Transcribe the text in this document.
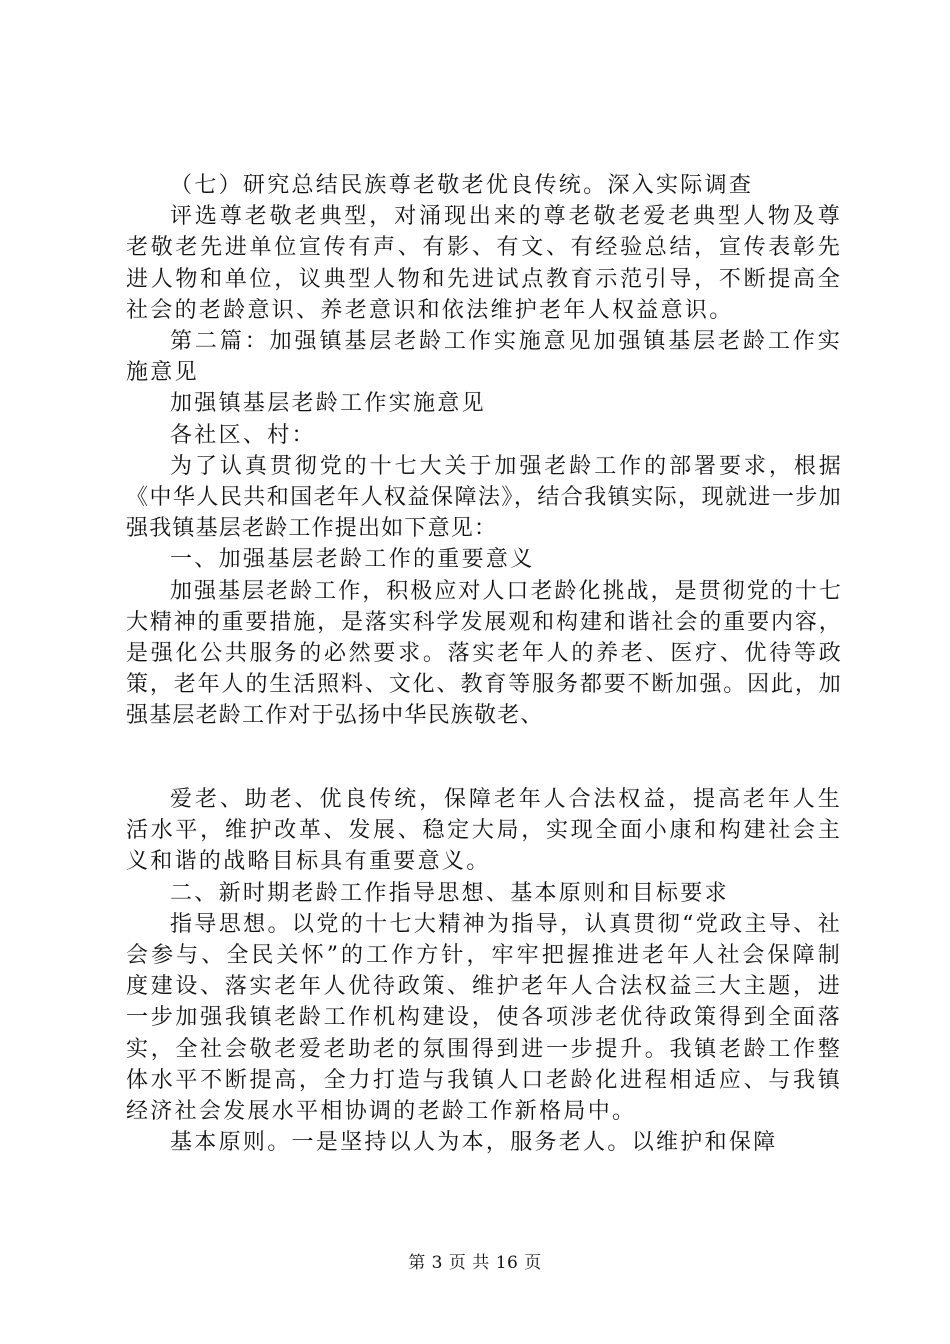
（七）研究总结民族尊老敬老优良传统。深入实际调查

评选尊老敬老典型，对涌现出来的尊老敬老爱老典型人物及尊老敬老先进单位宣传有声、有影、有文、有经验总结，宣传表彰先进人物和单位，议典型人物和先进试点教育示范引导，不断提高全社会的老龄意识、养老意识和依法维护老年人权益意识。

第二篇：加强镇基层老龄工作实施意见加强镇基层老龄工作实施意见

加强镇基层老龄工作实施意见

各社区、村：

为了认真贯彻党的十七大关于加强老龄工作的部署要求，根据《中华人民共和国老年人权益保障法》，结合我镇实际，现就进一步加强我镇基层老龄工作提出如下意见：

一、加强基层老龄工作的重要意义

加强基层老龄工作，积极应对人口老龄化挑战，是贯彻党的十七大精神的重要措施，是落实科学发展观和构建和谐社会的重要内容，是强化公共服务的必然要求。落实老年人的养老、医疗、优待等政策，老年人的生活照料、文化、教育等服务都要不断加强。因此，加强基层老龄工作对于弘扬中华民族敬老、

爱老、助老、优良传统，保障老年人合法权益，提高老年人生活水平，维护改革、发展、稳定大局，实现全面小康和构建社会主义和谐的战略目标具有重要意义。

二、新时期老龄工作指导思想、基本原则和目标要求

指导思想。以党的十七大精神为指导，认真贯彻“党政主导、社会参与、全民关怀”的工作方针，牢牢把握推进老年人社会保障制度建设、落实老年人优待政策、维护老年人合法权益三大主题，进一步加强我镇老龄工作机构建设，使各项涉老优待政策得到全面落实，全社会敬老爱老助老的氛围得到进一步提升。我镇老龄工作整体水平不断提高，全力打造与我镇人口老龄化进程相适应、与我镇经济社会发展水平相协调的老龄工作新格局中。

基本原则。一是坚持以人为本，服务老人。以维护和保障

第 3 页 共 16 页
